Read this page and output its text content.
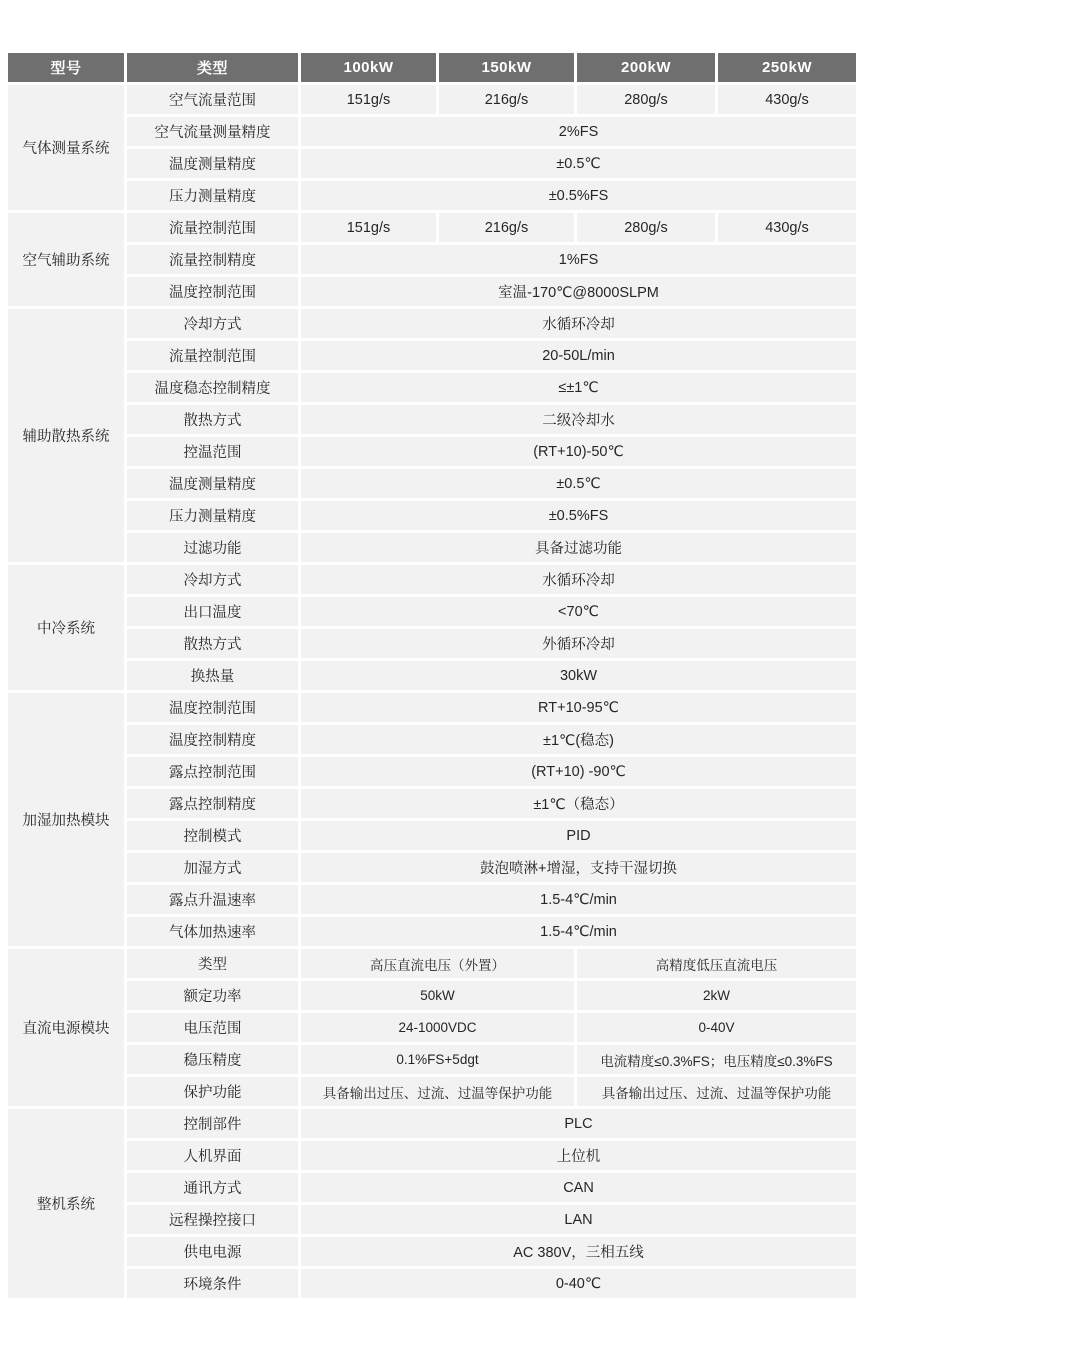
型号	类型	100kW	150kW	200kW	250kW
气体测量系统
空气流量范围	151g/s	216g/s	280g/s	430g/s
空气流量测量精度	2%FS
温度测量精度	±0.5℃
压力测量精度	±0.5%FS
空气辅助系统
流量控制范围	151g/s	216g/s	280g/s	430g/s
流量控制精度	1%FS
温度控制范围	室温-170℃@8000SLPM
辅助散热系统
冷却方式	水循环冷却
流量控制范围	20-50L/min
温度稳态控制精度	≤±1℃
散热方式	二级冷却水
控温范围	(RT+10)-50℃
温度测量精度	±0.5℃
压力测量精度	±0.5%FS
过滤功能	具备过滤功能
中冷系统
冷却方式	水循环冷却
出口温度	<70℃
散热方式	外循环冷却
换热量	30kW
加湿加热模块
温度控制范围	RT+10-95℃
温度控制精度	±1℃(稳态)
露点控制范围	(RT+10) -90℃
露点控制精度	±1℃（稳态）
控制模式	PID
加湿方式	鼓泡喷淋+增湿，支持干湿切换
露点升温速率	1.5-4℃/min
气体加热速率	1.5-4℃/min
直流电源模块
类型	高压直流电压（外置）	高精度低压直流电压
额定功率	50kW	2kW
电压范围	24-1000VDC	0-40V
稳压精度	0.1%FS+5dgt	电流精度≤0.3%FS；电压精度≤0.3%FS
保护功能	具备输出过压、过流、过温等保护功能	具备输出过压、过流、过温等保护功能
整机系统
控制部件	PLC
人机界面	上位机
通讯方式	CAN
远程操控接口	LAN
供电电源	AC 380V，三相五线
环境条件	0-40℃
